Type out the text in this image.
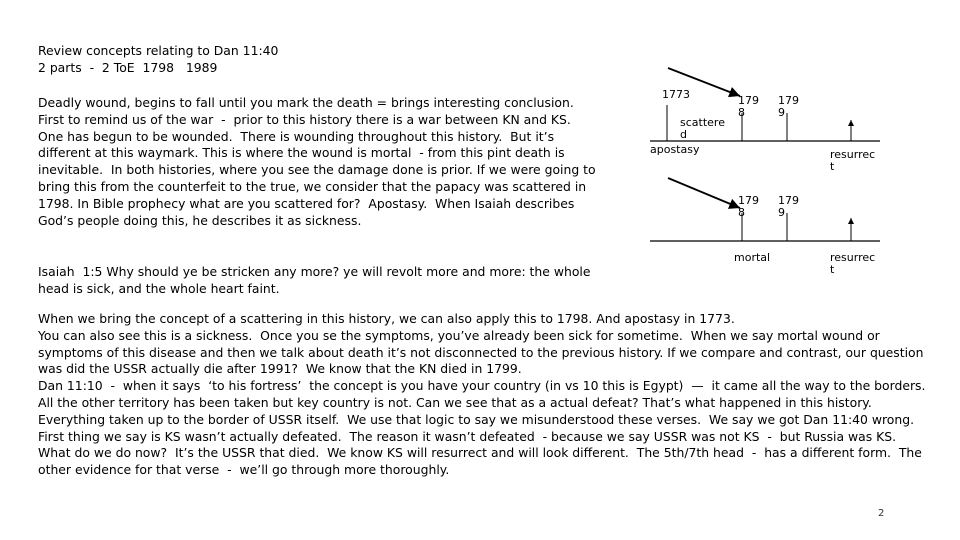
Review concepts relating to Dan 11:40
2 parts  -  2 ToE  1798   1989
Deadly wound, begins to fall until you mark the death = brings interesting conclusion.  First to remind us of the war  -  prior to this history there is a war between KN and KS.  One has begun to be wounded.  There is wounding throughout this history.  But it’s different at this waymark. This is where the wound is mortal  - from this pint death is inevitable.  In both histories, where you see the damage done is prior. If we were going to bring this from the counterfeit to the true, we consider that the papacy was scattered in 1798. In Bible prophecy what are you scattered for?  Apostasy.  When Isaiah describes God’s people doing this, he describes it as sickness.
Isaiah  1:5 Why should ye be stricken any more? ye will revolt more and more: the whole head is sick, and the whole heart faint.
When we bring the concept of a scattering in this history, we can also apply this to 1798. And apostasy in 1773.
You can also see this is a sickness.  Once you se the symptoms, you’ve already been sick for sometime.  When we say mortal wound or symptoms of this disease and then we talk about death it’s not disconnected to the previous history. If we compare and contrast, our question was did the USSR actually die after 1991?  We know that the KN died in 1799.
Dan 11:10  -  when it says  ‘to his fortress’  the concept is you have your country (in vs 10 this is Egypt)  —  it came all the way to the borders.  All the other territory has been taken but key country is not. Can we see that as a actual defeat? That’s what happened in this history. Everything taken up to the border of USSR itself.  We use that logic to say we misunderstood these verses.  We say we got Dan 11:40 wrong.  First thing we say is KS wasn’t actually defeated.  The reason it wasn’t defeated  - because we say USSR was not KS  -  but Russia was KS. What do we do now?  It’s the USSR that died.  We know KS will resurrect and will look different.  The 5th/7th head  -  has a different form.  The other evidence for that verse  -  we’ll go through more thoroughly.
1773
scattere d
apostasy
179 8
179 9
resurrec t
179 8
179 9
mortal	resurrec t
2
